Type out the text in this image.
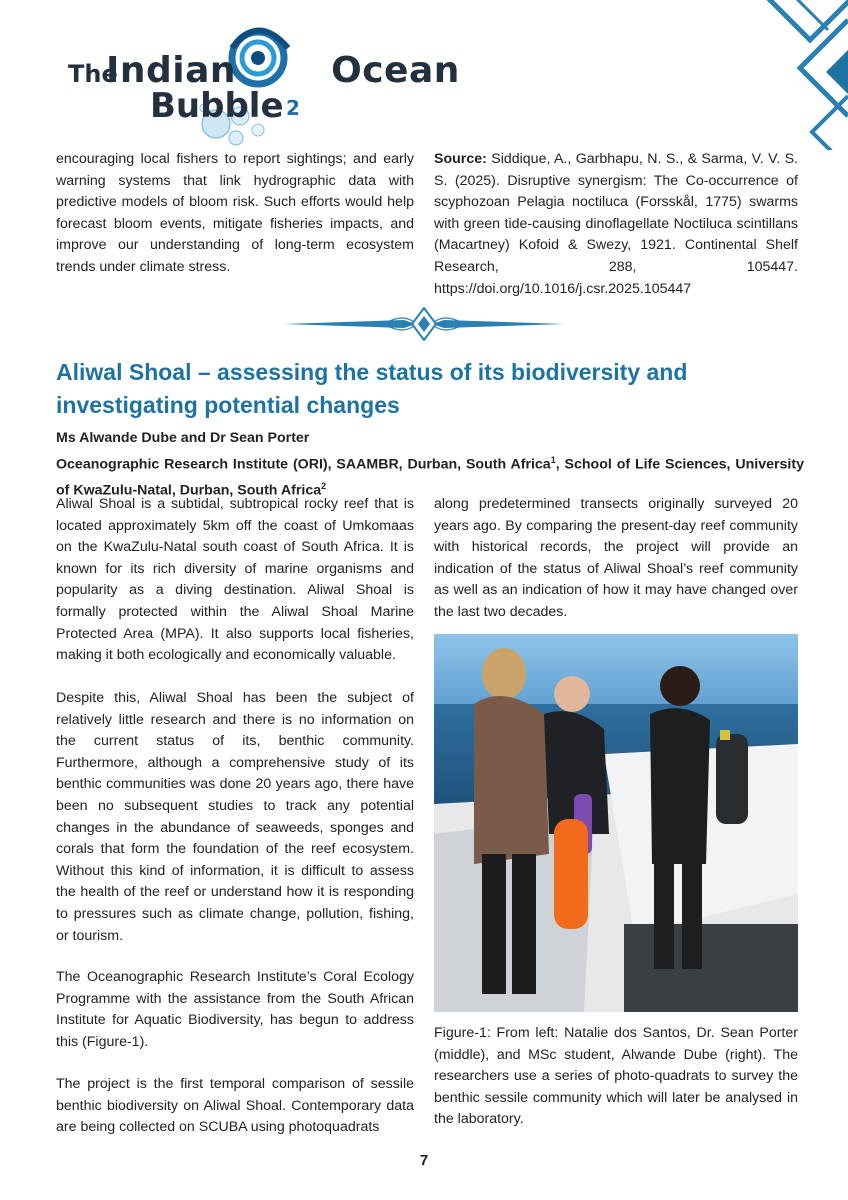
The
Indian	Ocean
Bubble 2
encouraging local fishers to report sightings; and early warning systems that link hydrographic data with predictive models of bloom risk. Such efforts would help forecast bloom events, mitigate fisheries impacts, and improve our understanding of long-term ecosystem trends under climate stress.
Source: Siddique, A., Garbhapu, N. S., & Sarma, V. V. S. S. (2025). Disruptive synergism: The Co-occurrence of scyphozoan Pelagia noctiluca (Forsskål, 1775) swarms with green tide-causing dinoflagellate Noctiluca scintillans (Macartney) Kofoid & Swezy, 1921. Continental Shelf Research, 288, 105447. https://doi.org/10.1016/j.csr.2025.105447
Aliwal Shoal – assessing the status of its biodiversity and investigating potential changes
Ms Alwande Dube and Dr Sean Porter
Oceanographic Research Institute (ORI), SAAMBR, Durban, South Africa$^1$, School of Life Sciences, University of KwaZulu-Natal, Durban, South Africa$^2$
Aliwal Shoal is a subtidal, subtropical rocky reef that is located approximately 5km off the coast of Umkomaas on the KwaZulu-Natal south coast of South Africa. It is known for its rich diversity of marine organisms and popularity as a diving destination. Aliwal Shoal is formally protected within the Aliwal Shoal Marine Protected Area (MPA). It also supports local fisheries, making it both ecologically and economically valuable.
Despite this, Aliwal Shoal has been the subject of relatively little research and there is no information on the current status of its, benthic community. Furthermore, although a comprehensive study of its benthic communities was done 20 years ago, there have been no subsequent studies to track any potential changes in the abundance of seaweeds, sponges and corals that form the foundation of the reef ecosystem. Without this kind of information, it is difficult to assess the health of the reef or understand how it is responding to pressures such as climate change, pollution, fishing, or tourism.
The Oceanographic Research Institute’s Coral Ecology Programme with the assistance from the South African Institute for Aquatic Biodiversity, has begun to address this (Figure-1).
The project is the first temporal comparison of sessile benthic biodiversity on Aliwal Shoal. Contemporary data are being collected on SCUBA using photoquadrats
along predetermined transects originally surveyed 20 years ago. By comparing the present-day reef community with historical records, the project will provide an indication of the status of Aliwal Shoal’s reef community as well as an indication of how it may have changed over the last two decades.
Figure-1: From left: Natalie dos Santos, Dr. Sean Porter (middle), and MSc student, Alwande Dube (right). The researchers use a series of photo-quadrats to survey the benthic sessile community which will later be analysed in the laboratory.
7
